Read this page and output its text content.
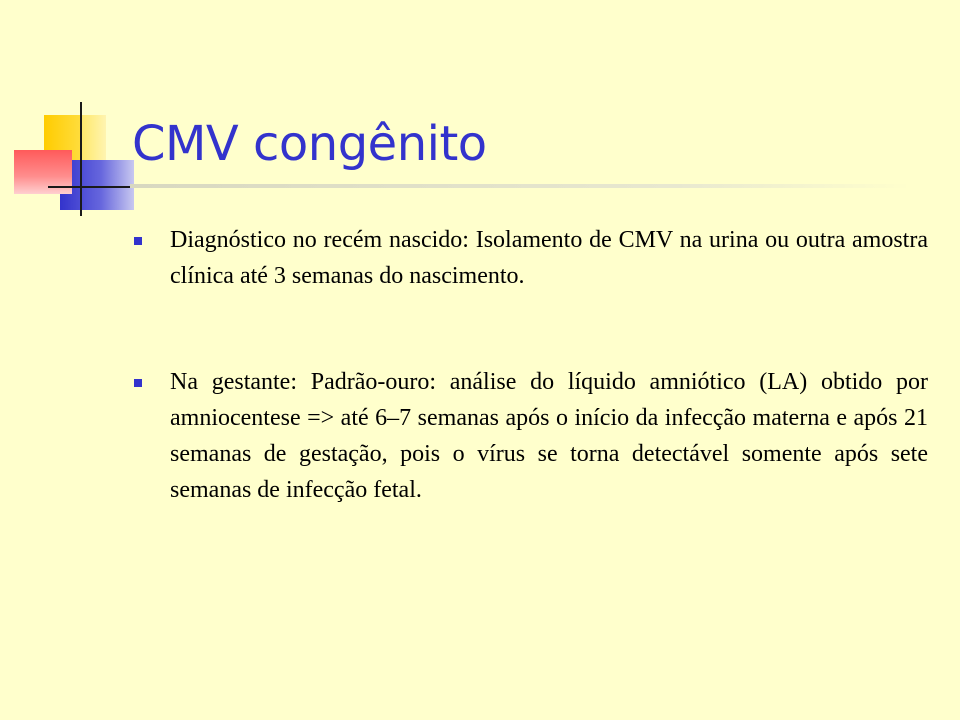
CMV congênito
Diagnóstico no recém nascido: Isolamento de CMV na urina ou outra amostra clínica até 3 semanas do nascimento.
Na gestante: Padrão-ouro: análise do líquido amniótico (LA) obtido por amniocentese => até 6–7 semanas após o início da infecção materna e após 21 semanas de gestação, pois o vírus se torna detectável somente após sete semanas de infecção fetal.
